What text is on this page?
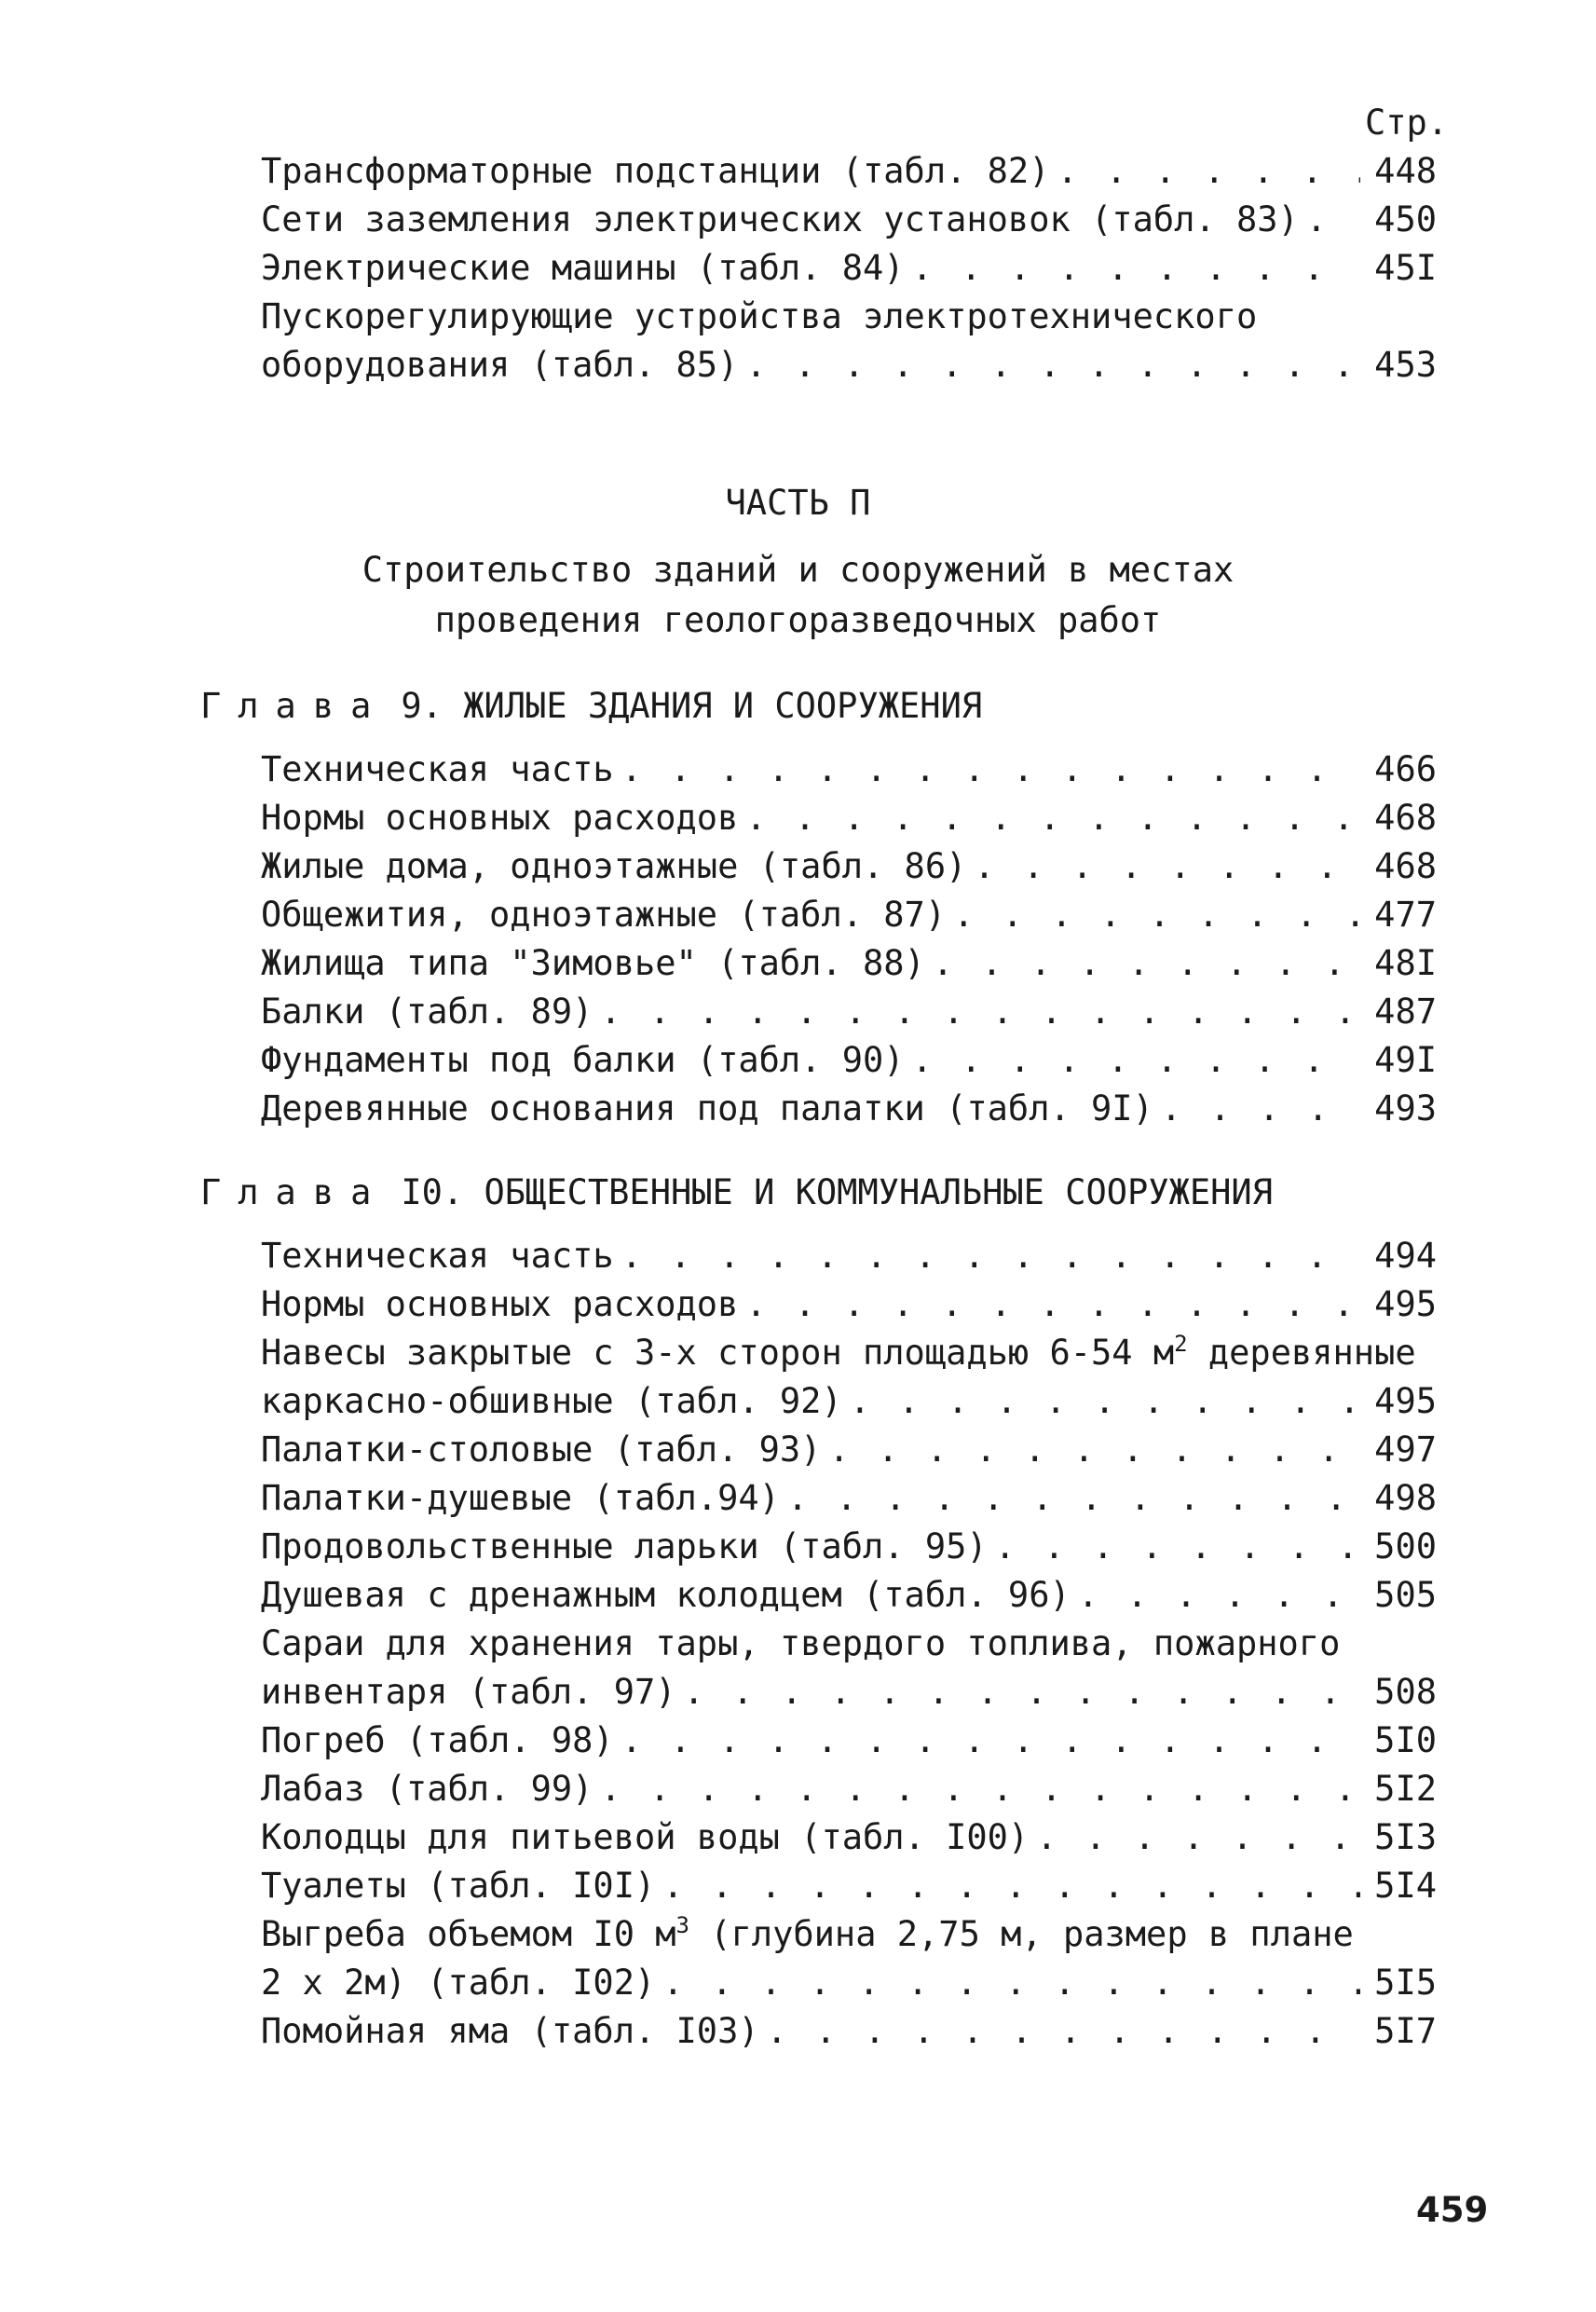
Стр.
Трансформаторные подстанции (табл. 82) . . .	448
Сети заземления электрических установок (табл. 83) . . . 450
Электрические машины (табл. 84) . . .	45I
Пускорегулирующие устройства электротехнического
оборудования (табл. 85) . . .	453
ЧАСТЬ П
Строительство зданий и сооружений в местах
проведения геологоразведочных работ
Глава 9. ЖИЛЫЕ ЗДАНИЯ И СООРУЖЕНИЯ
Техническая часть . . .	466
Нормы основных расходов . . .	468
Жилые дома, одноэтажные (табл. 86) . . .	468
Общежития, одноэтажные (табл. 87) . . .	477
Жилища типа "Зимовье" (табл. 88) . . .	48I
Балки (табл. 89) . . .	487
Фундаменты под балки (табл. 90) . . .	49I
Деревянные основания под палатки (табл. 9I) . . .	493
Глава I0. ОБЩЕСТВЕННЫЕ И КОММУНАЛЬНЫЕ СООРУЖЕНИЯ
Техническая часть . . .	494
Нормы основных расходов . . .	495
Навесы закрытые с 3-х сторон площадью 6-54 $м^2$ деревянные
каркасно-обшивные (табл. 92) . . .	495
Палатки-столовые (табл. 93) . . .	497
Палатки-душевые (табл.94) . . .	498
Продовольственные ларьки (табл. 95) . . .	500
Душевая с дренажным колодцем (табл. 96) . . .	505
Сараи для хранения тары, твердого топлива, пожарного
инвентаря (табл. 97) . . .	508
Погреб (табл. 98) . . .	5I0
Лабаз (табл. 99) . . .	5I2
Колодцы для питьевой воды (табл. I00) . . .	5I3
Туалеты (табл. I0I) . . .	5I4
Выгреба объемом I0 $м^3$ (глубина 2,75 м, размер в плане
2 x 2м) (табл. I02) . . .	5I5
Помойная яма (табл. I03) . . .	5I7
459
